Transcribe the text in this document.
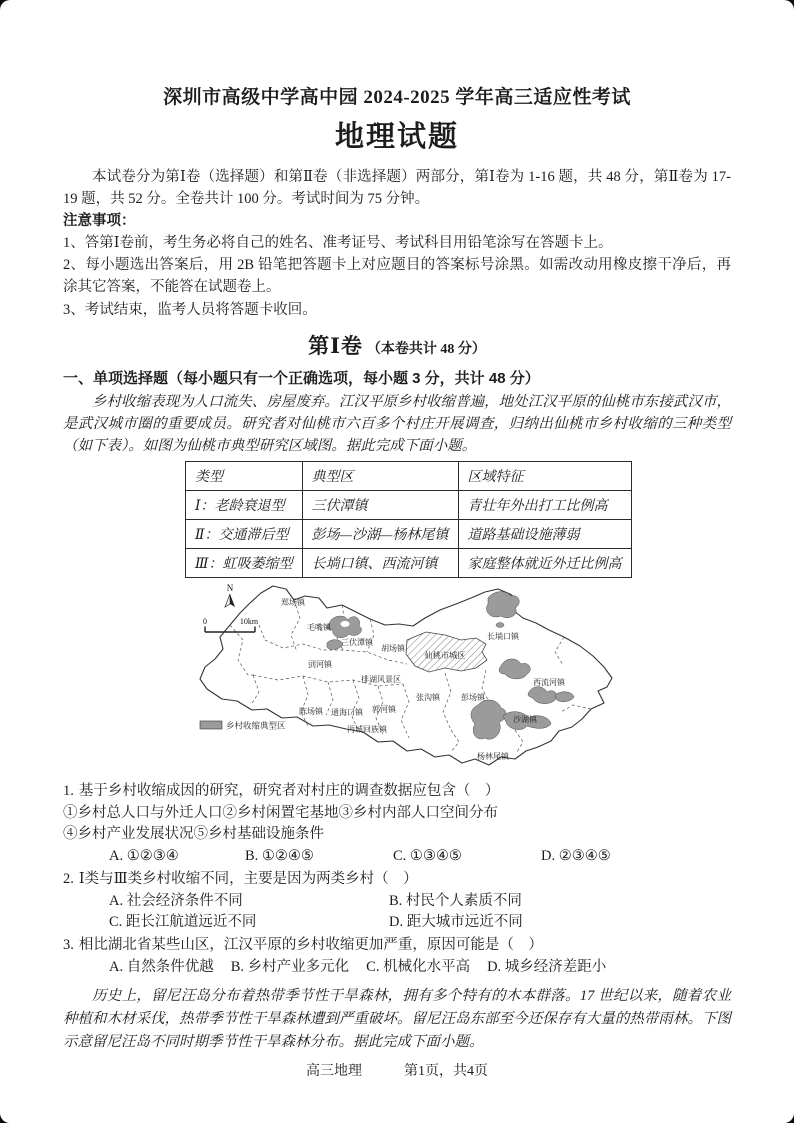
深圳市高级中学高中园 2024-2025 学年高三适应性考试
地理试题

本试卷分为第Ⅰ卷（选择题）和第Ⅱ卷（非选择题）两部分，第Ⅰ卷为 1-16 题，共 48 分，第Ⅱ卷为 17-19 题，共 52 分。全卷共计 100 分。考试时间为 75 分钟。

注意事项：

1、答第Ⅰ卷前，考生务必将自己的姓名、准考证号、考试科目用铅笔涂写在答题卡上。

2、每小题选出答案后，用 2B 铅笔把答题卡上对应题目的答案标号涂黑。如需改动用橡皮擦干净后，再涂其它答案，不能答在试题卷上。

3、考试结束，监考人员将答题卡收回。

第Ⅰ卷 （本卷共计 48 分）
一、单项选择题（每小题只有一个正确选项，每小题 3 分，共计 48 分）

乡村收缩表现为人口流失、房屋废弃。江汉平原乡村收缩普遍，地处江汉平原的仙桃市东接武汉市，是武汉城市圈的重要成员。研究者对仙桃市六百多个村庄开展调查，归纳出仙桃市乡村收缩的三种类型（如下表）。如图为仙桃市典型研究区域图。据此完成下面小题。

类型	典型区	区域特征
Ⅰ：老龄衰退型	三伏潭镇	青壮年外出打工比例高
Ⅱ：交通滞后型	彭场—沙湖—杨林尾镇	道路基础设施薄弱
Ⅲ：虹吸萎缩型	长埫口镇、西流河镇	家庭整体就近外迁比例高
N
0	10km
郑场镇
毛嘴镇
三伏潭镇
胡场镇
仙桃市城区
长埫口镇
剅河镇
排湖风景区	西流河镇
张沟镇	彭场镇
陈场镇 通海口镇 郭河镇
沔城回族镇
沙湖镇
杨林尾镇
乡村收缩典型区

1. 基于乡村收缩成因的研究，研究者对村庄的调查数据应包含（　）

①乡村总人口与外迁人口②乡村闲置宅基地③乡村内部人口空间分布

④乡村产业发展状况⑤乡村基础设施条件

A. ①②③④	B. ①②④⑤	C. ①③④⑤	D. ②③④⑤

2. Ⅰ类与Ⅲ类乡村收缩不同，主要是因为两类乡村（　）

A. 社会经济条件不同	B. 村民个人素质不同
C. 距长江航道远近不同	D. 距大城市远近不同

3. 相比湖北省某些山区，江汉平原的乡村收缩更加严重，原因可能是（　）

A. 自然条件优越 B. 乡村产业多元化 C. 机械化水平高 D. 城乡经济差距小

历史上，留尼汪岛分布着热带季节性干旱森林，拥有多个特有的木本群落。17 世纪以来，随着农业种植和木材采伐，热带季节性干旱森林遭到严重破坏。留尼汪岛东部至今还保存有大量的热带雨林。下图示意留尼汪岛不同时期季节性干旱森林分布。据此完成下面小题。

高三地理	第1页，共4页
